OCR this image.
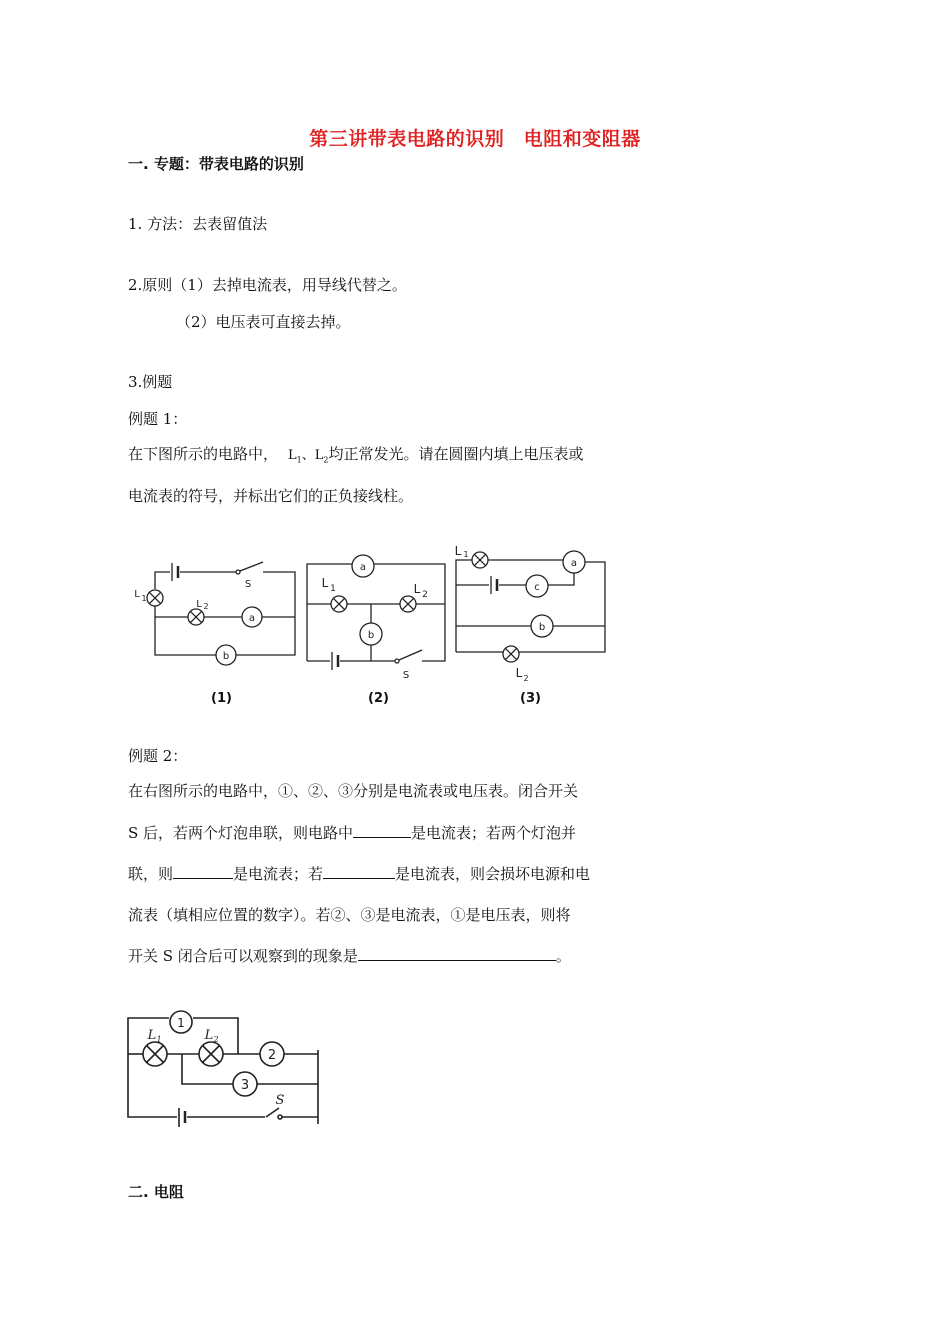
第三讲带表电路的识别　电阻和变阻器
一. 专题：带表电路的识别
1. 方法：去表留值法
2.原则（1）去掉电流表，用导线代替之。
（2）电压表可直接去掉。
3.例题
例题 1：
在下图所示的电路中， $L_1$、$L_2$均正常发光。请在圆圈内填上电压表或
电流表的符号，并标出它们的正负接线柱。
a
b
L 1
L 2
S
a
b
L 1	L 2
S
a
b
c
L 1
L 2
(1)	(2)	(3)
例题 2：
在右图所示的电路中，①、②、③分别是电流表或电压表。闭合开关
S 后，若两个灯泡串联，则电路中	是电流表；若两个灯泡并
联，则	是电流表；若	是电流表，则会损坏电源和电
流表（填相应位置的数字）。若②、③是电流表，①是电压表，则将
开关 S 闭合后可以观察到的现象是	。
1
2
3
L 1	L 2
S
二. 电阻
